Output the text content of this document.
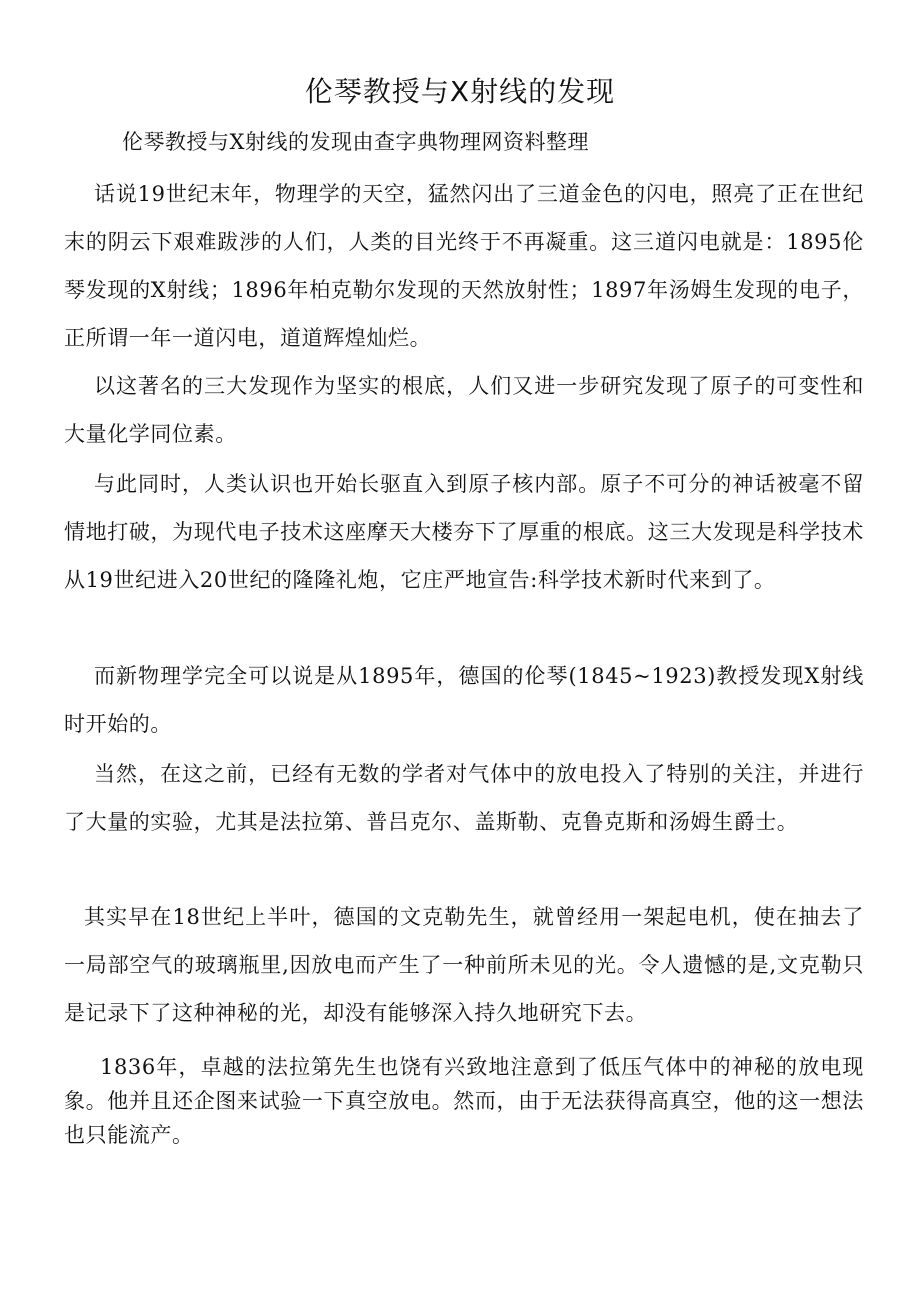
伦琴教授与X射线的发现

伦琴教授与X射线的发现由查字典物理网资料整理

话说19世纪末年，物理学的天空，猛然闪出了三道金色的闪电，照亮了正在世纪末的阴云下艰难跋涉的人们，人类的目光终于不再凝重。这三道闪电就是：1895伦琴发现的X射线；1896年柏克勒尔发现的天然放射性；1897年汤姆生发现的电子，正所谓一年一道闪电，道道辉煌灿烂。

以这著名的三大发现作为坚实的根底，人们又进一步研究发现了原子的可变性和大量化学同位素。

与此同时，人类认识也开始长驱直入到原子核内部。原子不可分的神话被毫不留情地打破，为现代电子技术这座摩天大楼夯下了厚重的根底。这三大发现是科学技术从19世纪进入20世纪的隆隆礼炮，它庄严地宣告:科学技术新时代来到了。

而新物理学完全可以说是从1895年，德国的伦琴(1845~1923)教授发现X射线时开始的。

当然，在这之前，已经有无数的学者对气体中的放电投入了特别的关注，并进行了大量的实验，尤其是法拉第、普吕克尔、盖斯勒、克鲁克斯和汤姆生爵士。

其实早在18世纪上半叶，德国的文克勒先生，就曾经用一架起电机，使在抽去了一局部空气的玻璃瓶里,因放电而产生了一种前所未见的光。令人遗憾的是,文克勒只是记录下了这种神秘的光，却没有能够深入持久地研究下去。

1836年，卓越的法拉第先生也饶有兴致地注意到了低压气体中的神秘的放电现象。他并且还企图来试验一下真空放电。然而，由于无法获得高真空，他的这一想法也只能流产。
